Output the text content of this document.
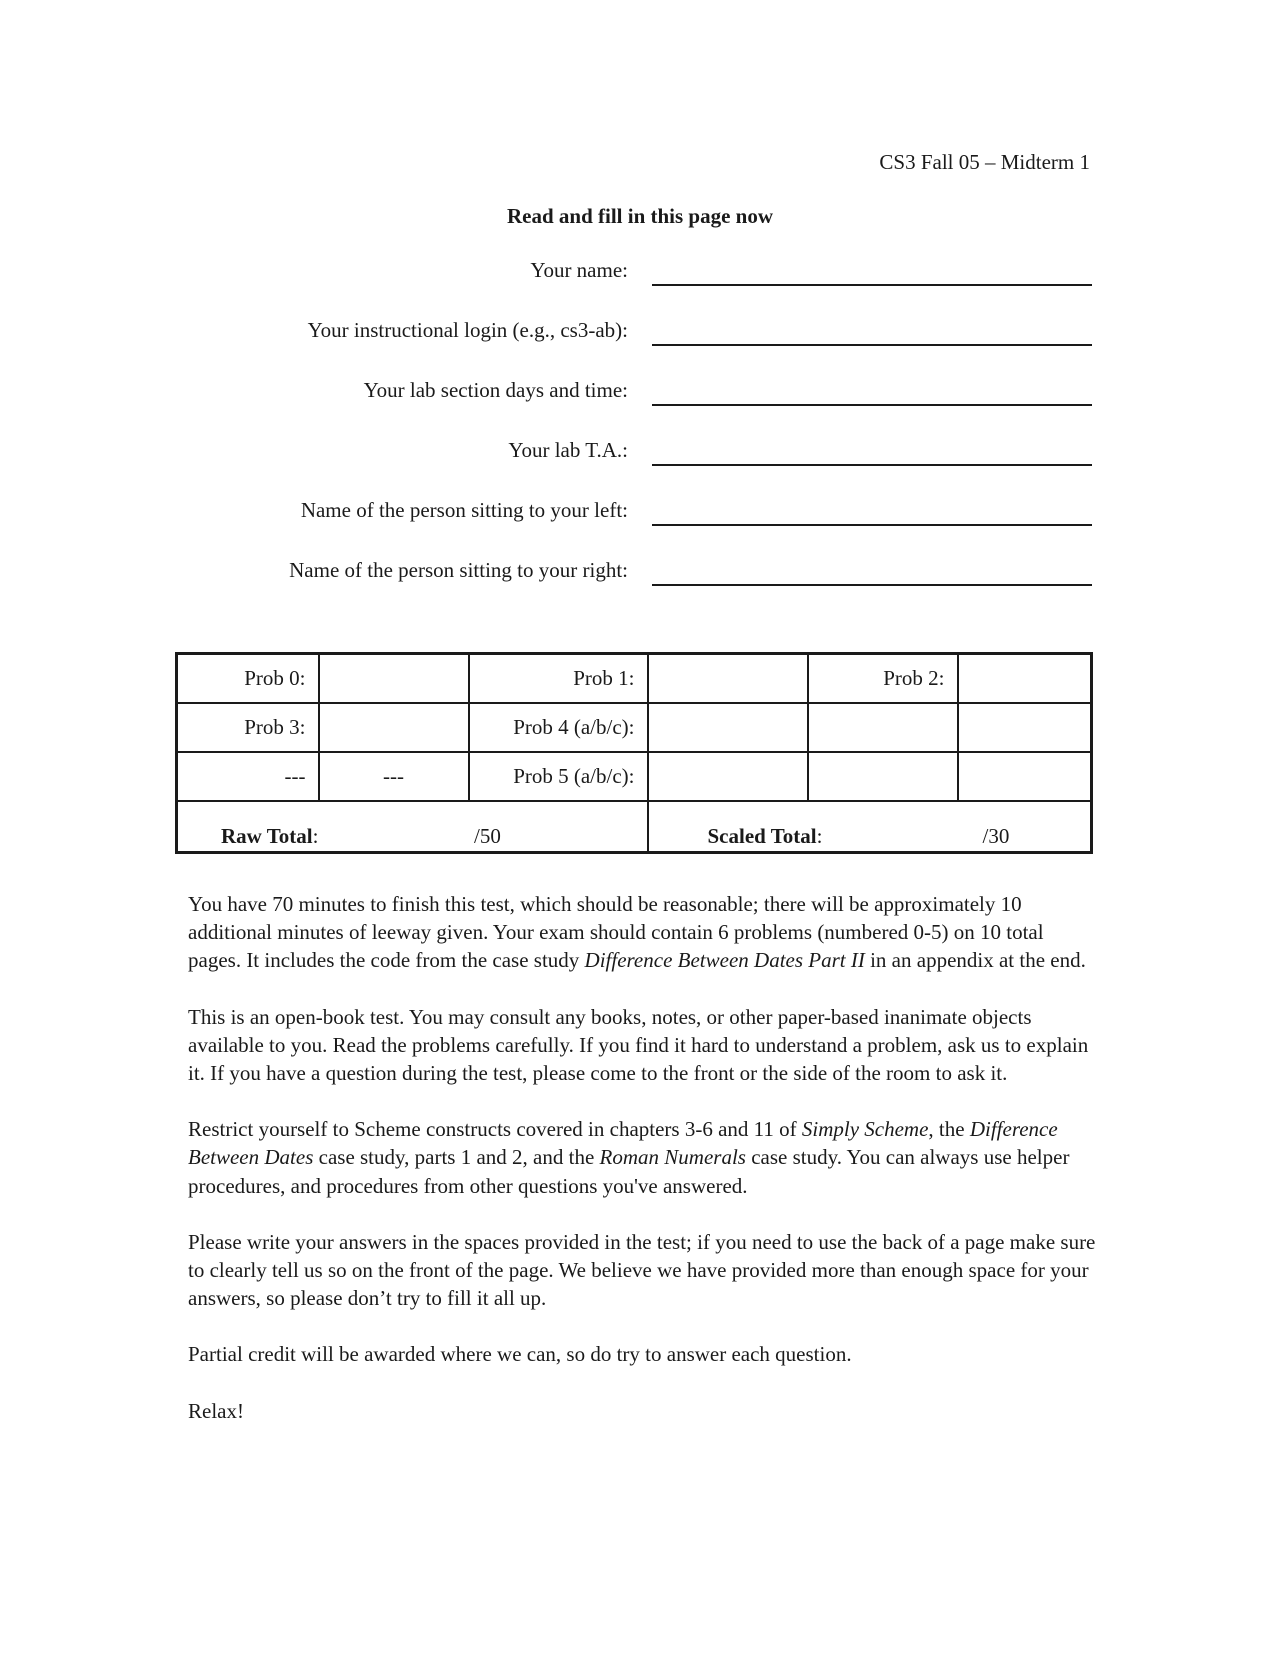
CS3 Fall 05 – Midterm 1
Read and fill in this page now
Your name:
Your instructional login (e.g., cs3-ab):
Your lab section days and time:
Your lab T.A.:
Name of the person sitting to your left:
Name of the person sitting to your right:
Prob 0:		Prob 1:		Prob 2:	
Prob 3:		Prob 4 (a/b/c):			
---	---	Prob 5 (a/b/c):			

Raw Total: /50			Scaled Total: /30		

You have 70 minutes to finish this test, which should be reasonable; there will be approximately 10 additional minutes of leeway given. Your exam should contain 6 problems (numbered 0-5) on 10 total pages. It includes the code from the case study Difference Between Dates Part II in an appendix at the end.

This is an open-book test. You may consult any books, notes, or other paper-based inanimate objects available to you. Read the problems carefully. If you find it hard to understand a problem, ask us to explain it. If you have a question during the test, please come to the front or the side of the room to ask it.

Restrict yourself to Scheme constructs covered in chapters 3-6 and 11 of Simply Scheme, the Difference Between Dates case study, parts 1 and 2, and the Roman Numerals case study. You can always use helper procedures, and procedures from other questions you've answered.

Please write your answers in the spaces provided in the test; if you need to use the back of a page make sure to clearly tell us so on the front of the page. We believe we have provided more than enough space for your answers, so please don’t try to fill it all up.

Partial credit will be awarded where we can, so do try to answer each question.

Relax!
